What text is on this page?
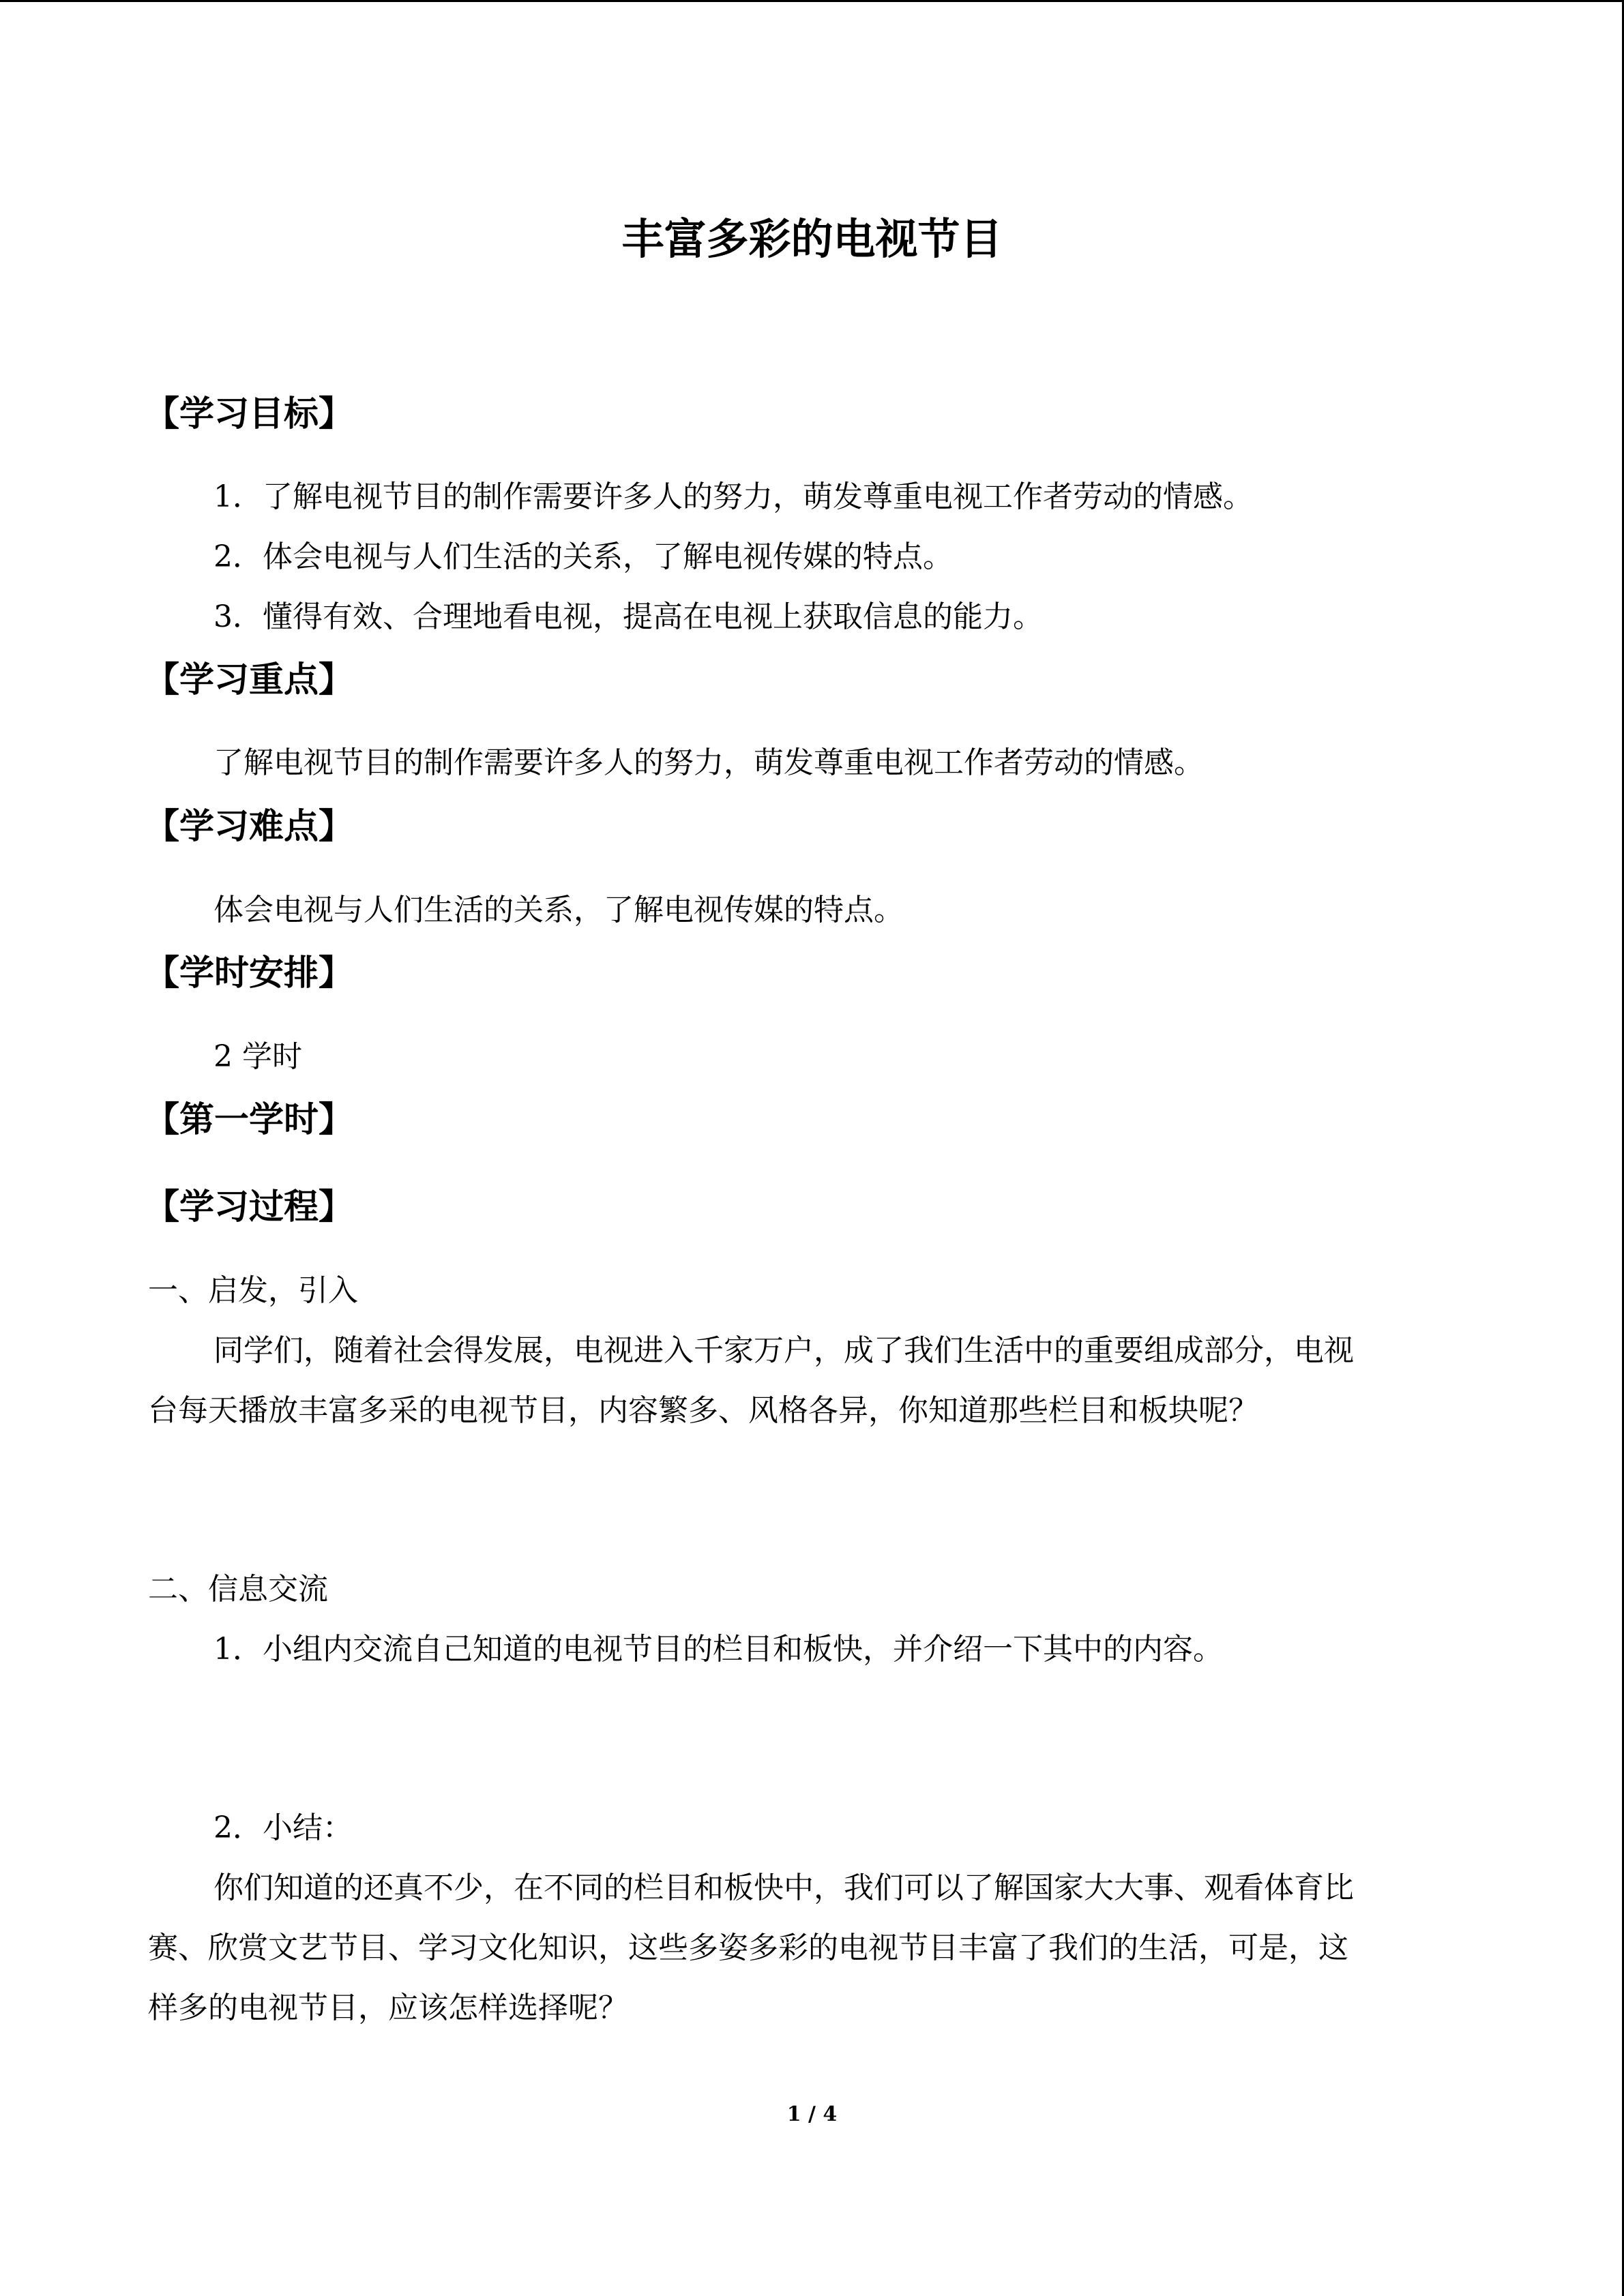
丰富多彩的电视节目
【学习目标】
1．了解电视节目的制作需要许多人的努力，萌发尊重电视工作者劳动的情感。
2．体会电视与人们生活的关系，了解电视传媒的特点。
3．懂得有效、合理地看电视，提高在电视上获取信息的能力。
【学习重点】
了解电视节目的制作需要许多人的努力，萌发尊重电视工作者劳动的情感。
【学习难点】
体会电视与人们生活的关系，了解电视传媒的特点。
【学时安排】
2 学时
【第一学时】
【学习过程】
一、启发，引入
同学们，随着社会得发展，电视进入千家万户，成了我们生活中的重要组成部分，电视
台每天播放丰富多采的电视节目，内容繁多、风格各异，你知道那些栏目和板块呢？
二、信息交流
1．小组内交流自己知道的电视节目的栏目和板快，并介绍一下其中的内容。
2．小结：
你们知道的还真不少，在不同的栏目和板快中，我们可以了解国家大大事、观看体育比
赛、欣赏文艺节目、学习文化知识，这些多姿多彩的电视节目丰富了我们的生活，可是，这
样多的电视节目，应该怎样选择呢？
1 / 4
